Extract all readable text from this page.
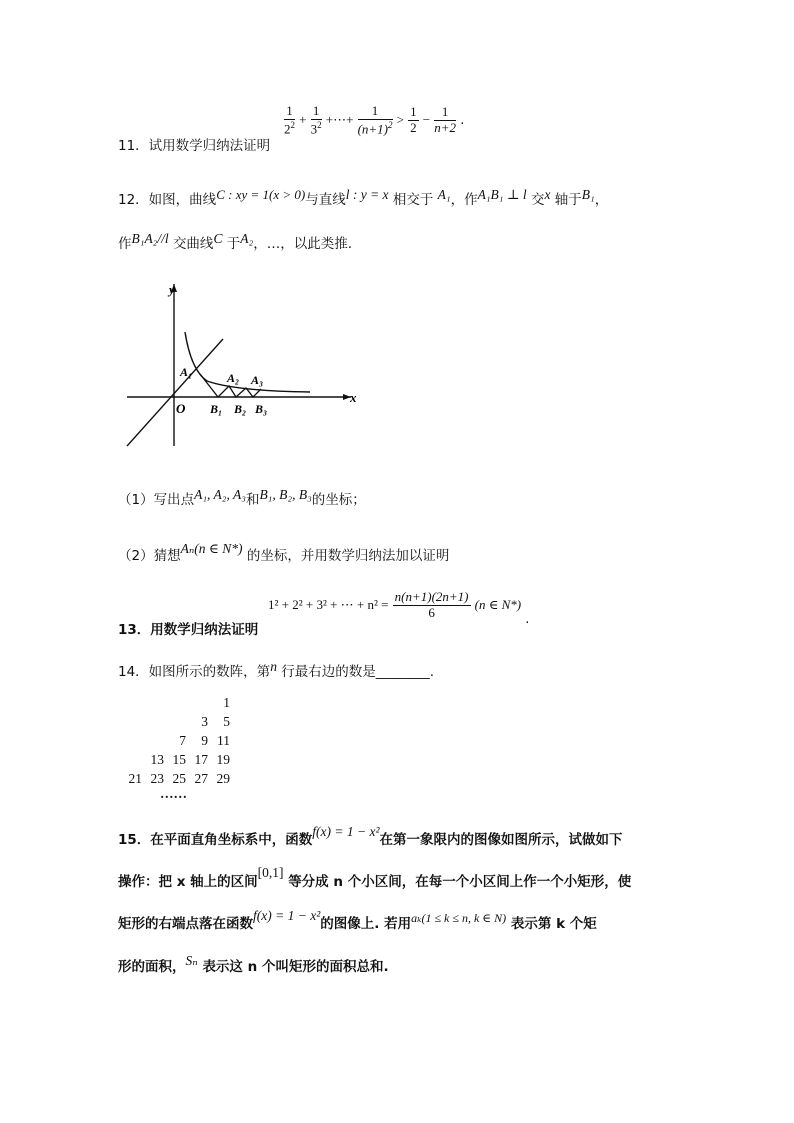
11．试用数学归纳法证明
$\frac{1}{2^2} + \frac{1}{3^2}$ +⋯+ $\frac{1}{(n+1)^2} > \frac{1}{2} - \frac{1}{n+2}$ .
12．如图，曲线C : xy = 1(x > 0)与直线l : y = x 相交于 A₁，作A₁B₁ ⊥ l 交x 轴于B₁，
作B₁A₂//l 交曲线C 于A₂，…，以此类推.
y
x
O
A₁	A₂ A₃
B₁ B₂ B₃
（1）写出点A₁, A₂, A₃和B₁, B₂, B₃的坐标；
（2）猜想Aₙ(n ∈ N*) 的坐标，并用数学归纳法加以证明
13．用数学归纳法证明
1² + 2² + 3² + ⋯ + $n^2 = \frac{n(n+1)(2n+1)}{6} (n$ ∈ N*) .
14．如图所示的数阵，第n 行最右边的数是________.
1
3	5
7	9 11
13 15 17 19
21 23 25 27 29
……
15．在平面直角坐标系中，函数f(x) = 1 − x²在第一象限内的图像如图所示，试做如下
操作：把 x 轴上的区间[0,1] 等分成 n 个小区间，在每一个小区间上作一个小矩形，使
矩形的右端点落在函数f(x) = 1 − x²的图像上. 若用aₖ(1 ≤ k ≤ n, k ∈ N) 表示第 k 个矩
形的面积，Sₙ 表示这 n 个叫矩形的面积总和.
